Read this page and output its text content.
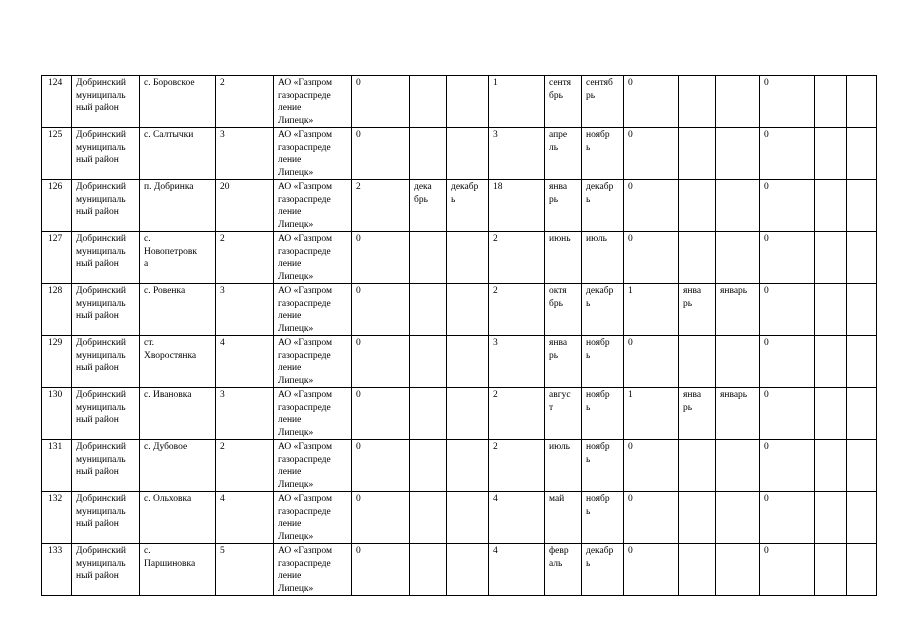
124	Добринский
муниципаль
ный район	с. Боровское	2	АО «Газпром
газораспреде
ление
Липецк»	0			1	сентя
брь	сентяб
рь	0			0		
125	Добринский
муниципаль
ный район	с. Салтычки	3	АО «Газпром
газораспреде
ление
Липецк»	0			3	апре
ль	ноябр
ь	0			0		
126	Добринский
муниципаль
ный район	п. Добринка	20	АО «Газпром
газораспреде
ление
Липецк»	2	дека
брь	декабр
ь	18	янва
рь	декабр
ь	0			0		
127	Добринский
муниципаль
ный район	с.
Новопетровк
а	2	АО «Газпром
газораспреде
ление
Липецк»	0			2	июнь	июль	0			0		
128	Добринский
муниципаль
ный район	с. Ровенка	3	АО «Газпром
газораспреде
ление
Липецк»	0			2	октя
брь	декабр
ь	1	янва
рь	январь	0		
129	Добринский
муниципаль
ный район	ст.
Хворостянка	4	АО «Газпром
газораспреде
ление
Липецк»	0			3	янва
рь	ноябр
ь	0			0		
130	Добринский
муниципаль
ный район	с. Ивановка	3	АО «Газпром
газораспреде
ление
Липецк»	0			2	авгус
т	ноябр
ь	1	янва
рь	январь	0		
131	Добринский
муниципаль
ный район	с. Дубовое	2	АО «Газпром
газораспреде
ление
Липецк»	0			2	июль	ноябр
ь	0			0		
132	Добринский
муниципаль
ный район	с. Ольховка	4	АО «Газпром
газораспреде
ление
Липецк»	0			4	май	ноябр
ь	0			0		
133	Добринский
муниципаль
ный район	с.
Паршиновка	5	АО «Газпром
газораспреде
ление
Липецк»	0			4	февр
аль	декабр
ь	0			0		
